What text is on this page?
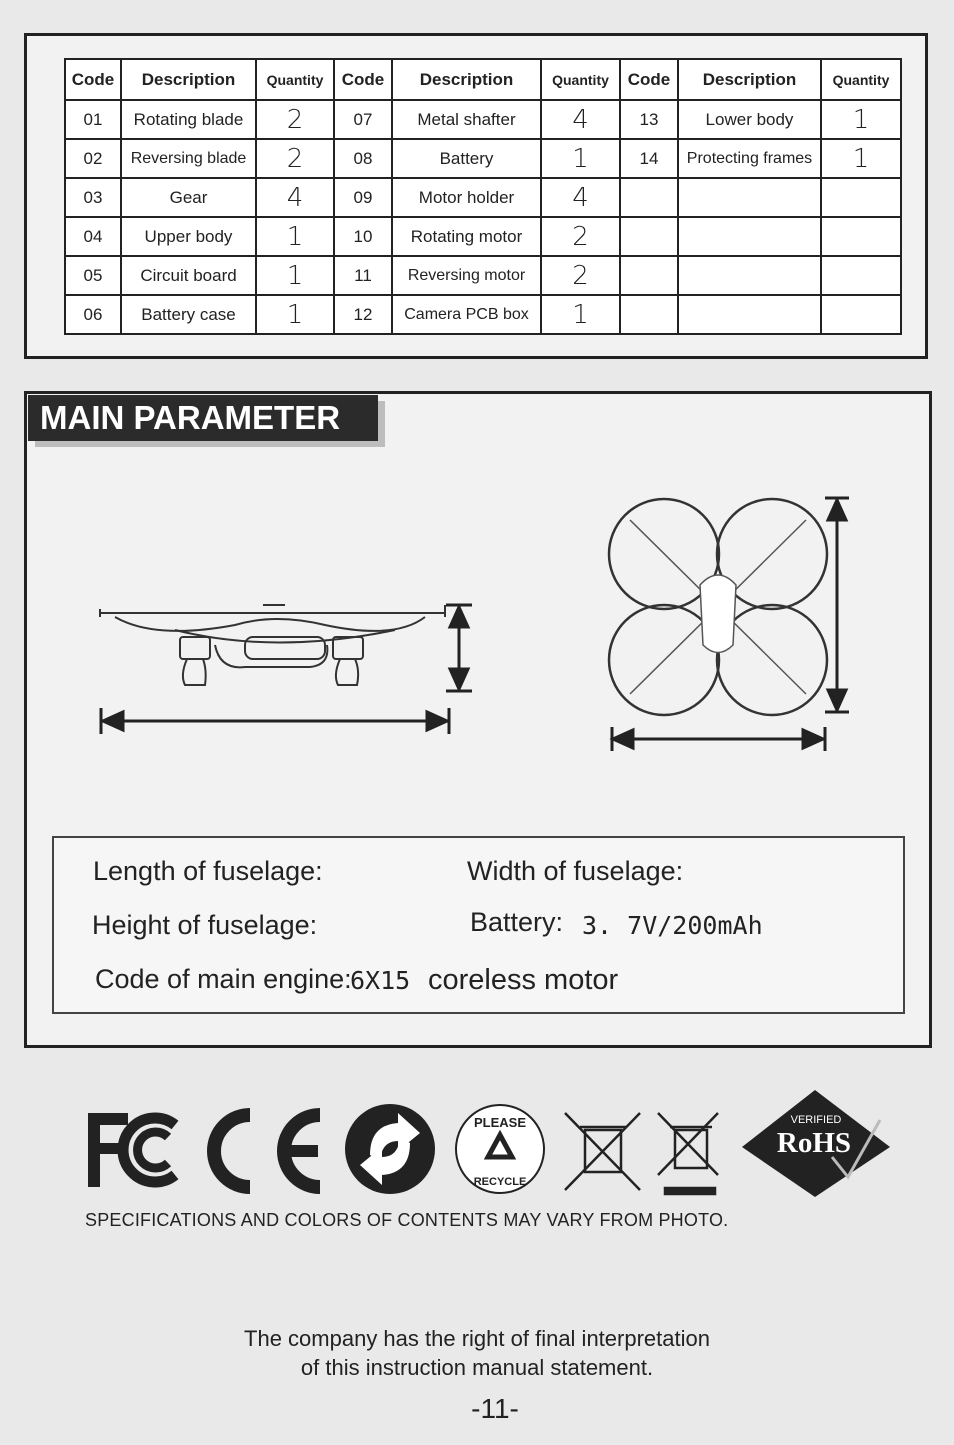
Code	Description	Quantity	Code	Description	Quantity	Code	Description	Quantity
01	Rotating blade	2	07	Metal shafter	4	13	Lower body	1
02	Reversing blade	2	08	Battery	1	14	Protecting frames	1
03	Gear	4	09	Motor holder	4			
04	Upper body	1	10	Rotating motor	2			
05	Circuit board	1	11	Reversing motor	2			
06	Battery case	1	12	Camera PCB box	1			
MAIN PARAMETER
Length of fuselage:	Width of fuselage:
Height of fuselage:	Battery: 3. 7V/200mAh
Code of main engine:
6X15 coreless motor
PLEASE
RECYCLE
VERIFIED
RoHS
SPECIFICATIONS AND COLORS OF CONTENTS MAY VARY FROM PHOTO.
The company has the right of final interpretation
of this instruction manual statement.
-11-
